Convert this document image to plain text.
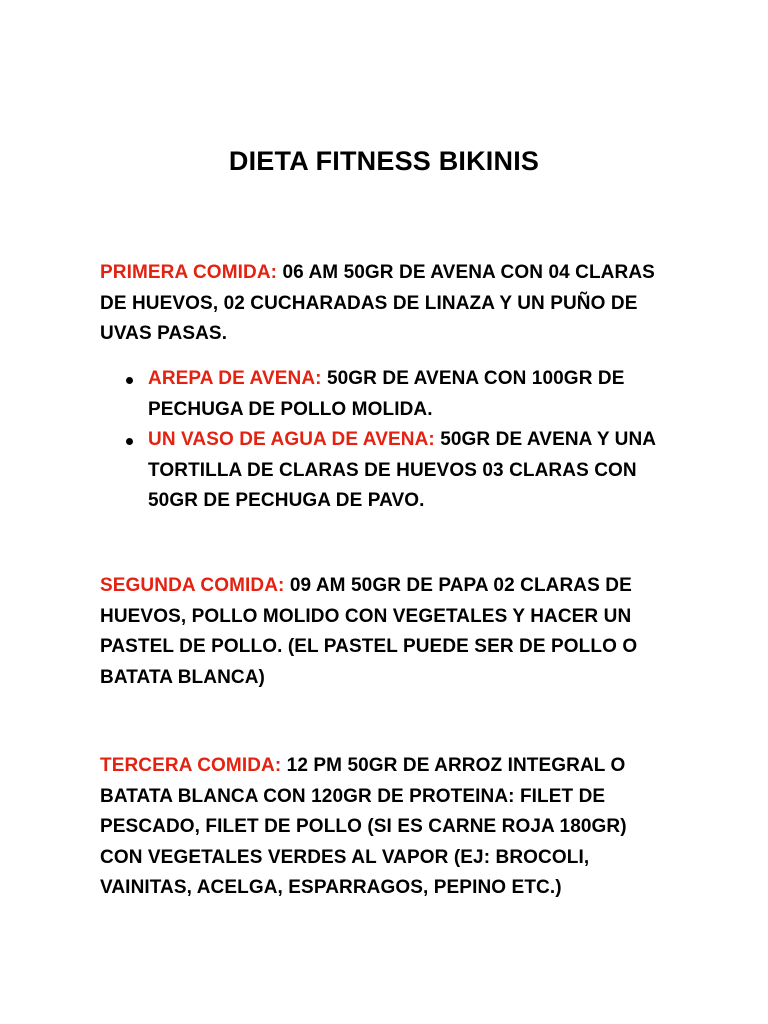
DIETA FITNESS BIKINIS
PRIMERA COMIDA: 06 AM 50GR DE AVENA CON 04 CLARAS DE HUEVOS, 02 CUCHARADAS DE LINAZA Y UN PUÑO DE UVAS PASAS.
AREPA DE AVENA: 50GR DE AVENA CON 100GR DE PECHUGA DE POLLO MOLIDA.
UN VASO DE AGUA DE AVENA: 50GR DE AVENA Y UNA TORTILLA DE CLARAS DE HUEVOS 03 CLARAS CON 50GR DE PECHUGA DE PAVO.
SEGUNDA COMIDA: 09 AM 50GR DE PAPA 02 CLARAS DE HUEVOS, POLLO MOLIDO CON VEGETALES Y HACER UN PASTEL DE POLLO. (EL PASTEL PUEDE SER DE POLLO O BATATA BLANCA)
TERCERA COMIDA: 12 PM 50GR DE ARROZ INTEGRAL O BATATA BLANCA CON 120GR DE PROTEINA: FILET DE PESCADO, FILET DE POLLO (SI ES CARNE ROJA 180GR) CON VEGETALES VERDES AL VAPOR (EJ: BROCOLI, VAINITAS, ACELGA, ESPARRAGOS, PEPINO ETC.)
